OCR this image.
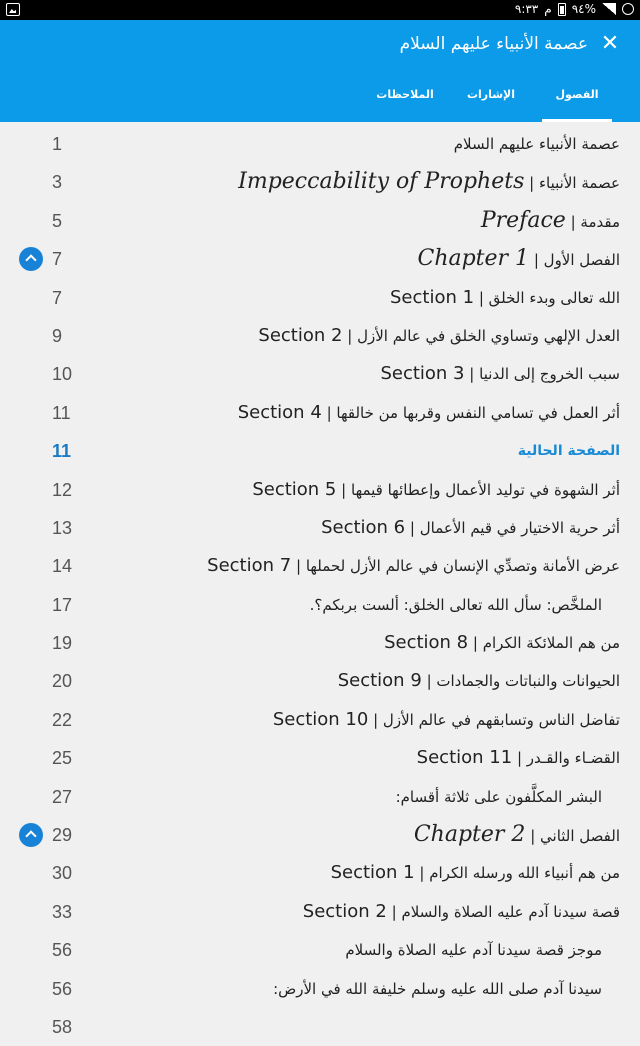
٩:٣٣ م ٩٤%
✕
عصمة الأنبياء عليهم السلام
الفصول
الإشارات
الملاحظات
عصمة الأنبياء عليهم السلام
1
عصمة الأنبياء | Impeccability of Prophets
3
مقدمة | Preface
5
الفصل الأول | Chapter 1
7
الله تعالى وبدء الخلق | Section 1
7
العدل الإلهي وتساوي الخلق في عالم الأزل | Section 2
9
سبب الخروج إلى الدنيا | Section 3
10
أثر العمل في تسامي النفس وقربها من خالقها | Section 4
11
الصفحة الحالية
11
أثر الشهوة في توليد الأعمال وإعطائها قيمها | Section 5
12
أثر حرية الاختيار في قيم الأعمال | Section 6
13
عرض الأمانة وتصدِّي الإنسان في عالم الأزل لحملها | Section 7
14
الملخَّص: سأل الله تعالى الخلق: ألست بربكم؟.
17
من هم الملائكة الكرام | Section 8
19
الحيوانات والنباتات والجمادات | Section 9
20
تفاضل الناس وتسابقهم في عالم الأزل | Section 10
22
القضـاء والقـدر | Section 11
25
البشر المكلَّفون على ثلاثة أقسام:
27
الفصل الثاني | Chapter 2
29
من هم أنبياء الله ورسله الكرام | Section 1
30
قصة سيدنا آدم عليه الصلاة والسلام | Section 2
33
موجز قصة سيدنا آدم عليه الصلاة والسلام
56
سيدنا آدم صلى الله عليه وسلم خليفة الله في الأرض:
56
58
